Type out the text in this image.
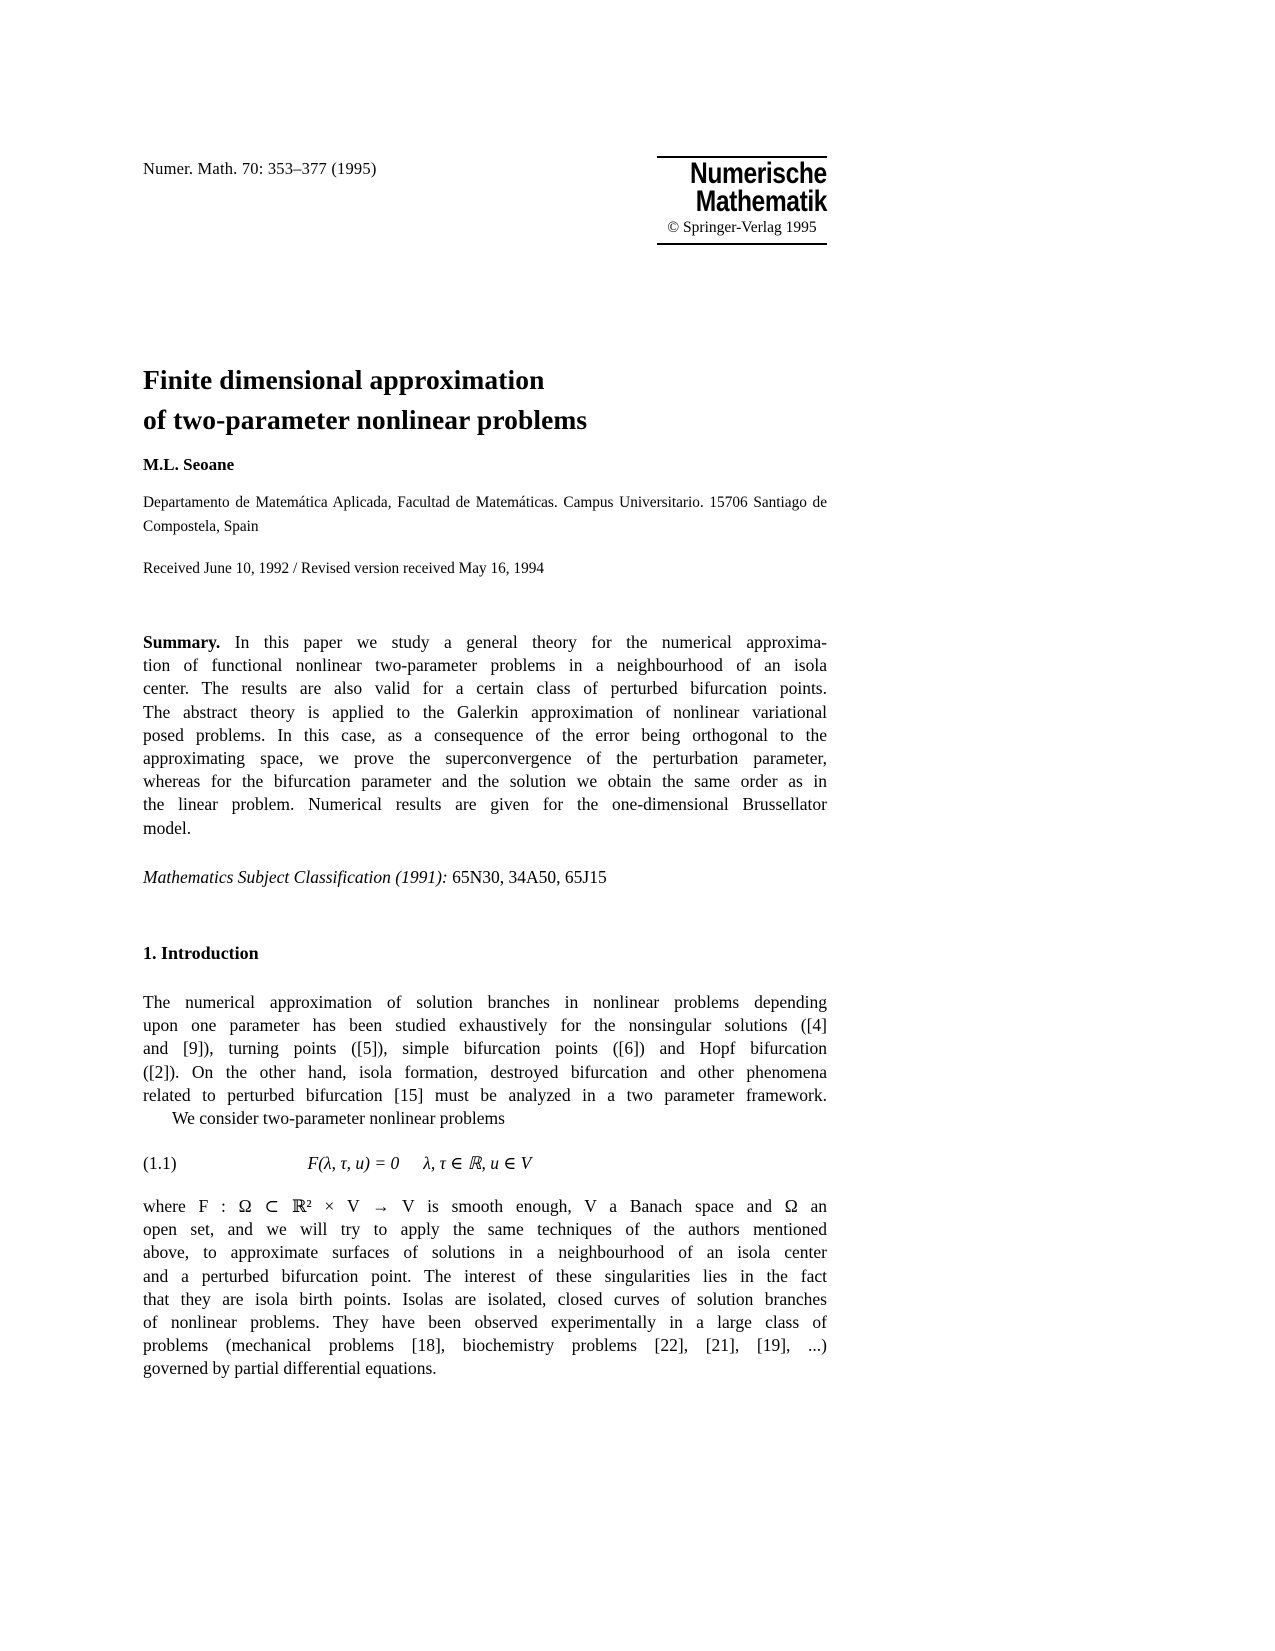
Numer. Math. 70: 353–377 (1995)	Numerische
Mathematik
© Springer-Verlag 1995
Finite dimensional approximation
of two-parameter nonlinear problems
M.L. Seoane
Departamento de Matemática Aplicada, Facultad de Matemáticas. Campus Universitario. 15706 Santiago de Compostela, Spain
Received June 10, 1992 / Revised version received May 16, 1994
Summary. In this paper we study a general theory for the numerical approxima-
tion of functional nonlinear two-parameter problems in a neighbourhood of an isola
center. The results are also valid for a certain class of perturbed bifurcation points.
The abstract theory is applied to the Galerkin approximation of nonlinear variational
posed problems. In this case, as a consequence of the error being orthogonal to the
approximating space, we prove the superconvergence of the perturbation parameter,
whereas for the bifurcation parameter and the solution we obtain the same order as in
the linear problem. Numerical results are given for the one-dimensional Brussellator
model.
Mathematics Subject Classification (1991): 65N30, 34A50, 65J15
1. Introduction
The numerical approximation of solution branches in nonlinear problems depending
upon one parameter has been studied exhaustively for the nonsingular solutions ([4]
and [9]), turning points ([5]), simple bifurcation points ([6]) and Hopf bifurcation
([2]). On the other hand, isola formation, destroyed bifurcation and other phenomena
related to perturbed bifurcation [15] must be analyzed in a two parameter framework.
We consider two-parameter nonlinear problems
(1.1)	F(λ, τ, u) = 0 λ, τ ∈ ℝ, u ∈ V
where F : Ω ⊂ ℝ² × V → V is smooth enough, V a Banach space and Ω an
open set, and we will try to apply the same techniques of the authors mentioned
above, to approximate surfaces of solutions in a neighbourhood of an isola center
and a perturbed bifurcation point. The interest of these singularities lies in the fact
that they are isola birth points. Isolas are isolated, closed curves of solution branches
of nonlinear problems. They have been observed experimentally in a large class of
problems (mechanical problems [18], biochemistry problems [22], [21], [19], ...)
governed by partial differential equations.
